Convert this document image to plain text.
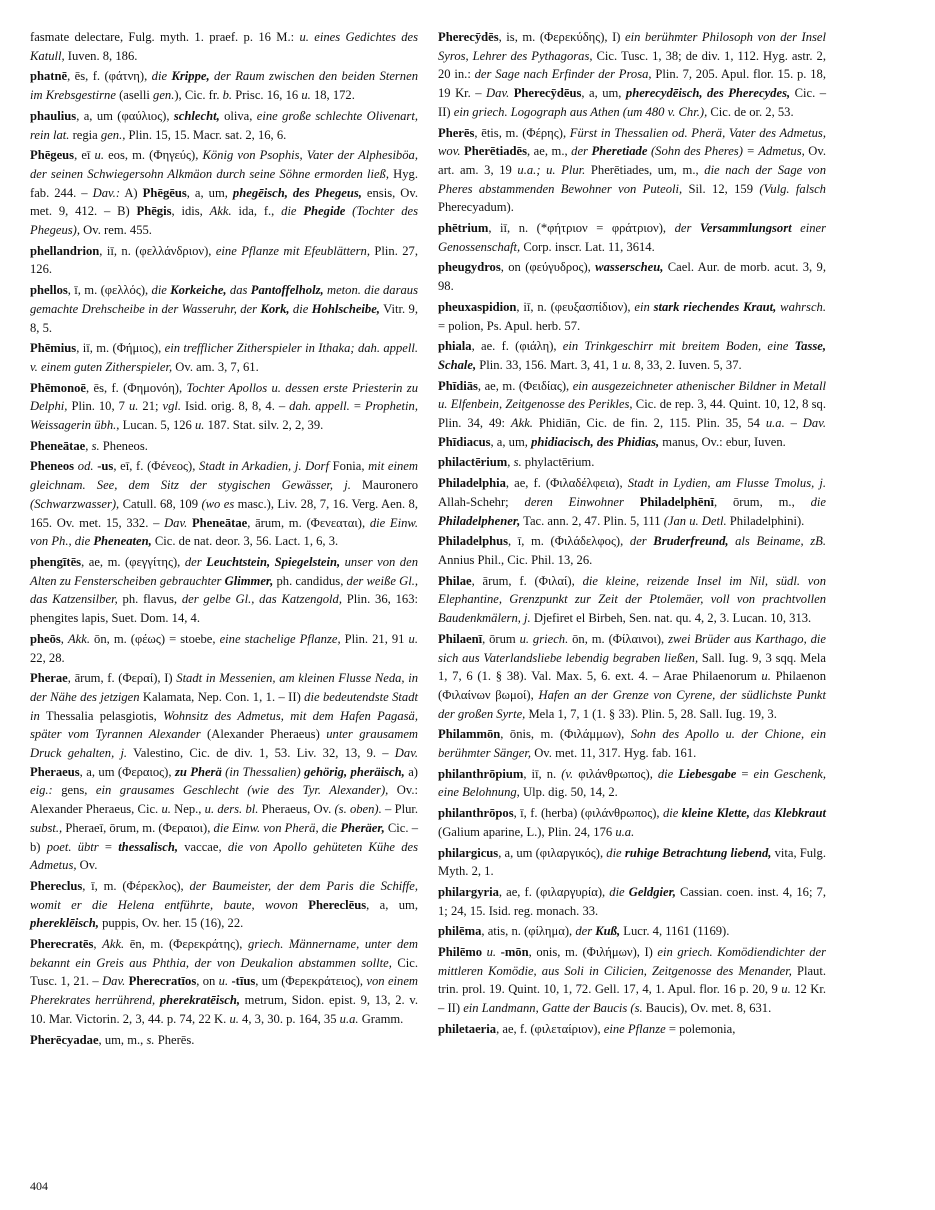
fasmate delectare, Fulg. myth. 1. praef. p. 16 M.: u. eines Gedichtes des Katull, Iuven. 8, 186.
phatnē, ēs, f. (φάτνη), die Krippe, der Raum zwischen den beiden Sternen im Krebsgestirne (aselli gen.), Cic. fr. b. Prisc. 16, 16 u. 18, 172.
phaulius, a, um (φαύλιος), schlecht, oliva, eine große schlechte Olivenart, rein lat. regia gen., Plin. 15, 15. Macr. sat. 2, 16, 6.
Phēgeus, eī u. eos, m. (Φηγεύς), König von Psophis, Vater der Alphesiböa, der seinen Schwiegersohn Alkmäon durch seine Söhne ermorden ließ, Hyg. fab. 244. – Dav.: A) Phēgēus, a, um, phegēisch, des Phegeus, ensis, Ov. met. 9, 412. – B) Phēgis, idis, Akk. ida, f., die Phegide (Tochter des Phegeus), Ov. rem. 455.
phellandrion, iī, n. (φελλάνδριον), eine Pflanze mit Efeublättern, Plin. 27, 126.
phellos, ī, m. (φελλός), die Korkeiche, das Pantoffelholz, meton. die daraus gemachte Drehscheibe in der Wasseruhr, der Kork, die Hohlscheibe, Vitr. 9, 8, 5.
Phēmius, iī, m. (Φήμιος), ein trefflicher Zitherspieler in Ithaka; dah. appell. v. einem guten Zitherspieler, Ov. am. 3, 7, 61.
Phēmonoē, ēs, f. (Φημονόη), Tochter Apollos u. dessen erste Priesterin zu Delphi, Plin. 10, 7 u. 21; vgl. Isid. orig. 8, 8, 4. – dah. appell. = Prophetin, Weissagerin übh., Lucan. 5, 126 u. 187. Stat. silv. 2, 2, 39.
Pheneātae, s. Pheneos.
Pheneos od. -us, eī, f. (Φένεος), Stadt in Arkadien, j. Dorf Fonia, mit einem gleichnam. See, dem Sitz der stygischen Gewässer, j. Mauronero (Schwarzwasser), Catull. 68, 109 (wo es masc.), Liv. 28, 7, 16. Verg. Aen. 8, 165. Ov. met. 15, 332. – Dav. Pheneātae, ārum, m. (Φενεαται), die Einw. von Ph., die Pheneaten, Cic. de nat. deor. 3, 56. Lact. 1, 6, 3.
phengītēs, ae, m. (φεγγίτης), der Leuchtstein, Spiegelstein, unser von den Alten zu Fensterscheiben gebrauchter Glimmer, ph. candidus, der weiße Gl., das Katzensilber, ph. flavus, der gelbe Gl., das Katzengold, Plin. 36, 163: phengites lapis, Suet. Dom. 14, 4.
pheōs, Akk. ōn, m. (φέως) = stoebe, eine stachelige Pflanze, Plin. 21, 91 u. 22, 28.
Pherae, ārum, f. (Φεραί), I) Stadt in Messenien, am kleinen Flusse Neda, in der Nähe des jetzigen Kalamata, Nep. Con. 1, 1. – II) die bedeutendste Stadt in Thessalia pelasgiotis, Wohnsitz des Admetus, mit dem Hafen Pagasä, später vom Tyrannen Alexander (Alexander Pheraeus) unter grausamem Druck gehalten, j. Valestino, Cic. de div. 1, 53. Liv. 32, 13, 9. – Dav. Pheraeus, a, um (Φεραιος), zu Pherä (in Thessalien) gehörig, pheräisch, a) eig.: gens, ein grausames Geschlecht (wie des Tyr. Alexander), Ov.: Alexander Pheraeus, Cic. u. Nep., u. ders. bl. Pheraeus, Ov. (s. oben). – Plur. subst., Pheraeī, ōrum, m. (Φεραιοι), die Einw. von Pherä, die Pheräer, Cic. – b) poet. übtr = thessalisch, vaccae, die von Apollo gehüteten Kühe des Admetus, Ov.
Phereclus, ī, m. (Φέρεκλος), der Baumeister, der dem Paris die Schiffe, womit er die Helena entführte, baute, wovon Phereclēus, a, um, phereklēisch, puppis, Ov. her. 15 (16), 22.
Pherecratēs, Akk. ēn, m. (Φερεκράτης), griech. Männername, unter dem bekannt ein Greis aus Phthia, der von Deukalion abstammen sollte, Cic. Tusc. 1, 21. – Dav. Pherecratīos, on u. -tīus, um (Φερεκράτειος), von einem Pherekrates herrührend, pherekratēisch, metrum, Sidon. epist. 9, 13, 2. v. 10. Mar. Victorin. 2, 3, 44. p. 74, 22 K. u. 4, 3, 30. p. 164, 35 u.a. Gramm.
Pherēcyadae, um, m., s. Pherēs.
Pherecȳdēs, is, m. (Φερεκύδης), I) ein berühmter Philosoph von der Insel Syros, Lehrer des Pythagoras, Cic. Tusc. 1, 38; de div. 1, 112. Hyg. astr. 2, 20 in.: der Sage nach Erfinder der Prosa, Plin. 7, 205. Apul. flor. 15. p. 18, 19 Kr. – Dav. Pherecȳdēus, a, um, pherecydēisch, des Pherecydes, Cic. – II) ein griech. Logograph aus Athen (um 480 v. Chr.), Cic. de or. 2, 53.
Pherēs, ētis, m. (Φέρης), Fürst in Thessalien od. Pherä, Vater des Admetus, wov. Pherētiadēs, ae, m., der Pheretiade (Sohn des Pheres) = Admetus, Ov. art. am. 3, 19 u.a.; u. Plur. Pherētiades, um, m., die nach der Sage von Pheres abstammenden Bewohner von Puteoli, Sil. 12, 159 (Vulg. falsch Pherecyadum).
phētrium, iī, n. (*φήτριον = φράτριον), der Versammlungsort einer Genossenschaft, Corp. inscr. Lat. 11, 3614.
pheugydros, on (φεύγυδρος), wasserscheu, Cael. Aur. de morb. acut. 3, 9, 98.
pheuxaspidion, iī, n. (φευξασπίδιον), ein stark riechendes Kraut, wahrsch. = polion, Ps. Apul. herb. 57.
phiala, ae. f. (φιάλη), ein Trinkgeschirr mit breitem Boden, eine Tasse, Schale, Plin. 33, 156. Mart. 3, 41, 1 u. 8, 33, 2. Iuven. 5, 37.
Phīdiās, ae, m. (Φειδίας), ein ausgezeichneter athenischer Bildner in Metall u. Elfenbein, Zeitgenosse des Perikles, Cic. de rep. 3, 44. Quint. 10, 12, 8 sq. Plin. 34, 49: Akk. Phidiān, Cic. de fin. 2, 115. Plin. 35, 54 u.a. – Dav. Phīdiacus, a, um, phidiacisch, des Phidias, manus, Ov.: ebur, Iuven.
philactērium, s. phylactērium.
Philadelphia, ae, f. (Φιλαδέλφεια), Stadt in Lydien, am Flusse Tmolus, j. Allah-Schehr; deren Einwohner Philadelphēnī, ōrum, m., die Philadelphener, Tac. ann. 2, 47. Plin. 5, 111 (Jan u. Detl. Philadelphini).
Philadelphus, ī, m. (Φιλάδελφος), der Bruderfreund, als Beiname, zB. Annius Phil., Cic. Phil. 13, 26.
Philae, ārum, f. (Φιλαί), die kleine, reizende Insel im Nil, südl. von Elephantine, Grenzpunkt zur Zeit der Ptolemäer, voll von prachtvollen Baudenkmälern, j. Djefiret el Birbeh, Sen. nat. qu. 4, 2, 3. Lucan. 10, 313.
Philaenī, ōrum u. griech. ōn, m. (Φίλαινοι), zwei Brüder aus Karthago, die sich aus Vaterlandsliebe lebendig begraben ließen, Sall. Iug. 9, 3 sqq. Mela 1, 7, 6 (1. § 38). Val. Max. 5, 6. ext. 4. – Arae Philaenorum u. Philaenon (Φιλαίνων βωμοί), Hafen an der Grenze von Cyrene, der südlichste Punkt der großen Syrte, Mela 1, 7, 1 (1. § 33). Plin. 5, 28. Sall. Iug. 19, 3.
Philammōn, ōnis, m. (Φιλάμμων), Sohn des Apollo u. der Chione, ein berühmter Sänger, Ov. met. 11, 317. Hyg. fab. 161.
philanthrōpium, iī, n. (v. φιλάνθρωπος), die Liebesgabe = ein Geschenk, eine Belohnung, Ulp. dig. 50, 14, 2.
philanthrōpos, ī, f. (herba) (φιλάνθρωπος), die kleine Klette, das Klebkraut (Galium aparine, L.), Plin. 24, 176 u.a.
philargicus, a, um (φιλαργικός), die ruhige Betrachtung liebend, vita, Fulg. Myth. 2, 1.
philargyria, ae, f. (φιλαργυρία), die Geldgier, Cassian. coen. inst. 4, 16; 7, 1; 24, 15. Isid. reg. monach. 33.
philēma, atis, n. (φίλημα), der Kuß, Lucr. 4, 1161 (1169).
Philēmo u. -mōn, onis, m. (Φιλήμων), I) ein griech. Komödiendichter der mittleren Komödie, aus Soli in Cilicien, Zeitgenosse des Menander, Plaut. trin. prol. 19. Quint. 10, 1, 72. Gell. 17, 4, 1. Apul. flor. 16 p. 20, 9 u. 12 Kr. – II) ein Landmann, Gatte der Baucis (s. Baucis), Ov. met. 8, 631.
philetaeria, ae, f. (φιλεταίριον), eine Pflanze = polemonia,
404
